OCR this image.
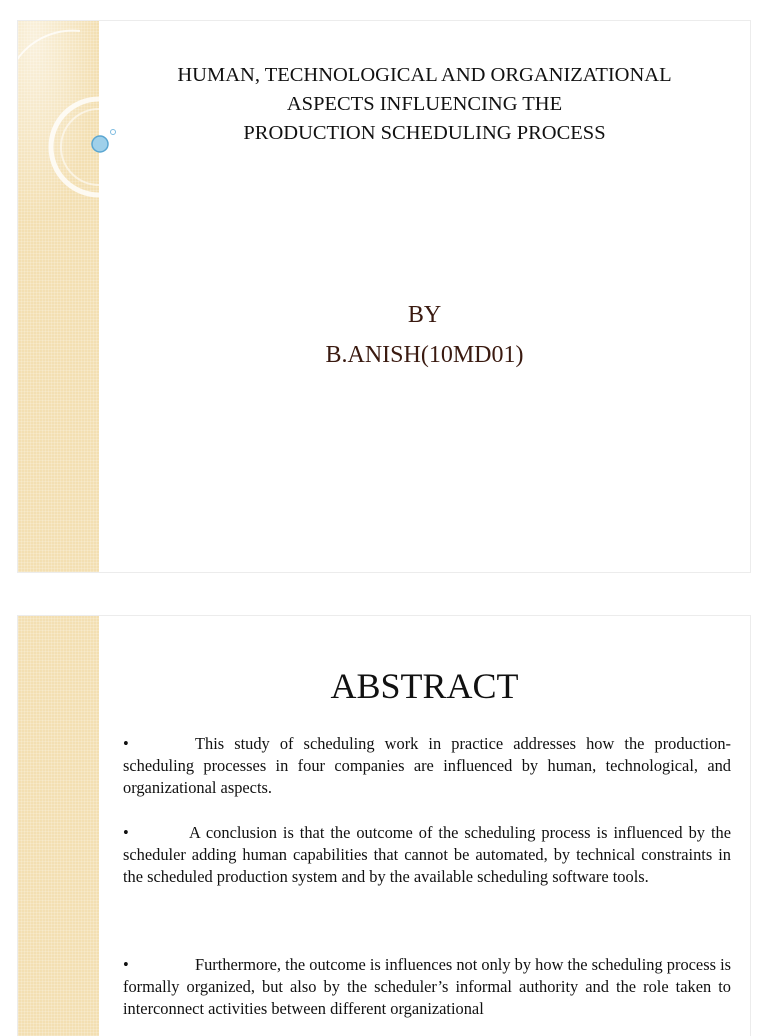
HUMAN, TECHNOLOGICAL AND ORGANIZATIONAL
ASPECTS INFLUENCING THE
PRODUCTION SCHEDULING PROCESS
BY
B.ANISH(10MD01)
ABSTRACT

•	This study of scheduling work in practice addresses how the production-scheduling processes in four companies are influenced by human, technological, and organizational aspects.

•	A conclusion is that the outcome of the scheduling process is influenced by the scheduler adding human capabilities that cannot be automated, by technical constraints in the scheduled production system and by the available scheduling software tools.

•	Furthermore, the outcome is influences not only by how the scheduling process is formally organized, but also by the scheduler’s informal authority and the role taken to interconnect activities between different organizational
